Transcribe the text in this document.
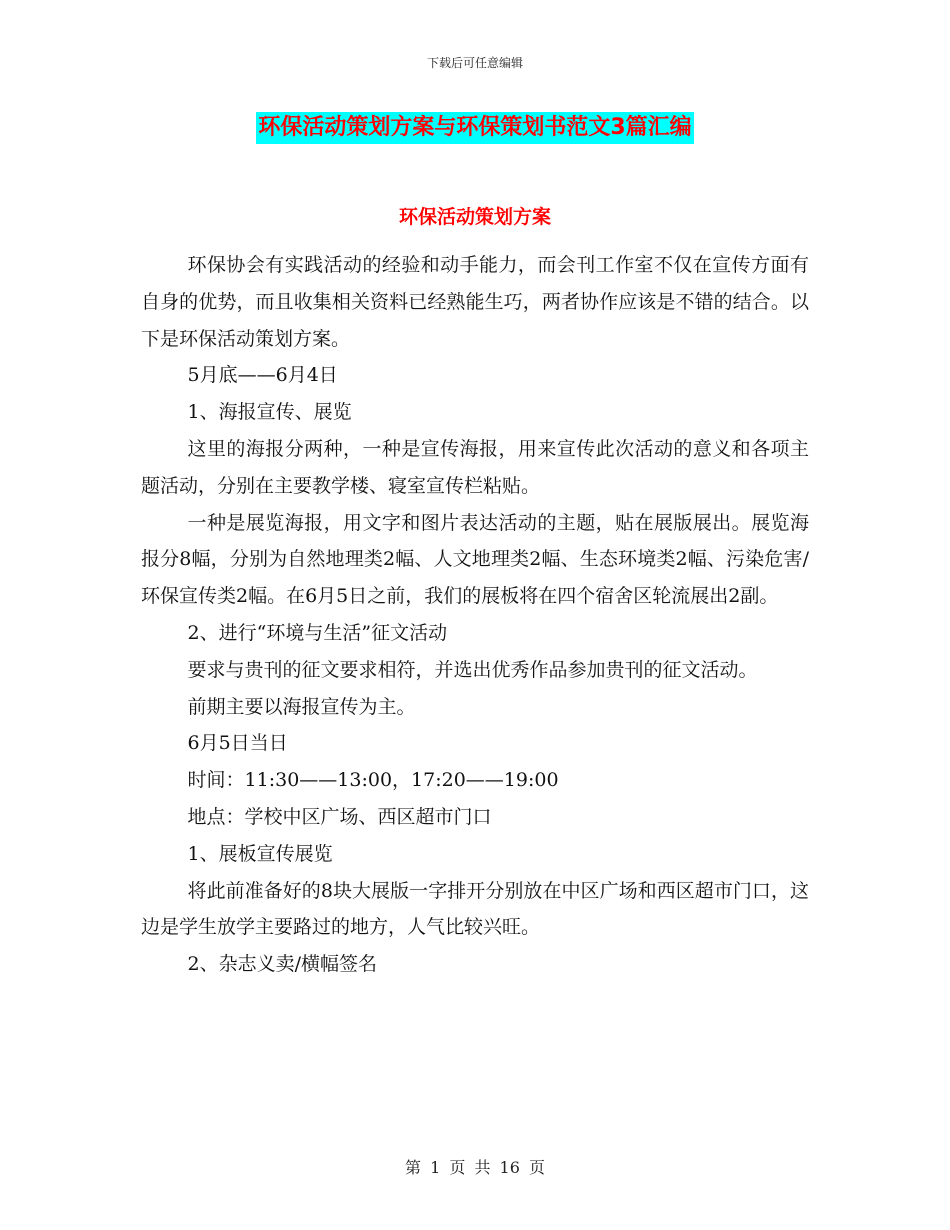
下载后可任意编辑
环保活动策划方案与环保策划书范文3篇汇编
环保活动策划方案

环保协会有实践活动的经验和动手能力，而会刊工作室不仅在宣传方面有自身的优势，而且收集相关资料已经熟能生巧，两者协作应该是不错的结合。以下是环保活动策划方案。

5月底——6月4日

1、海报宣传、展览

这里的海报分两种，一种是宣传海报，用来宣传此次活动的意义和各项主题活动，分别在主要教学楼、寝室宣传栏粘贴。

一种是展览海报，用文字和图片表达活动的主题，贴在展版展出。展览海报分8幅，分别为自然地理类2幅、人文地理类2幅、生态环境类2幅、污染危害/环保宣传类2幅。在6月5日之前，我们的展板将在四个宿舍区轮流展出2副。

2、进行“环境与生活”征文活动

要求与贵刊的征文要求相符，并选出优秀作品参加贵刊的征文活动。

前期主要以海报宣传为主。

6月5日当日

时间：11:30——13:00，17:20——19:00

地点：学校中区广场、西区超市门口

1、展板宣传展览

将此前准备好的8块大展版一字排开分别放在中区广场和西区超市门口，这边是学生放学主要路过的地方，人气比较兴旺。

2、杂志义卖/横幅签名

第 1 页 共 16 页
